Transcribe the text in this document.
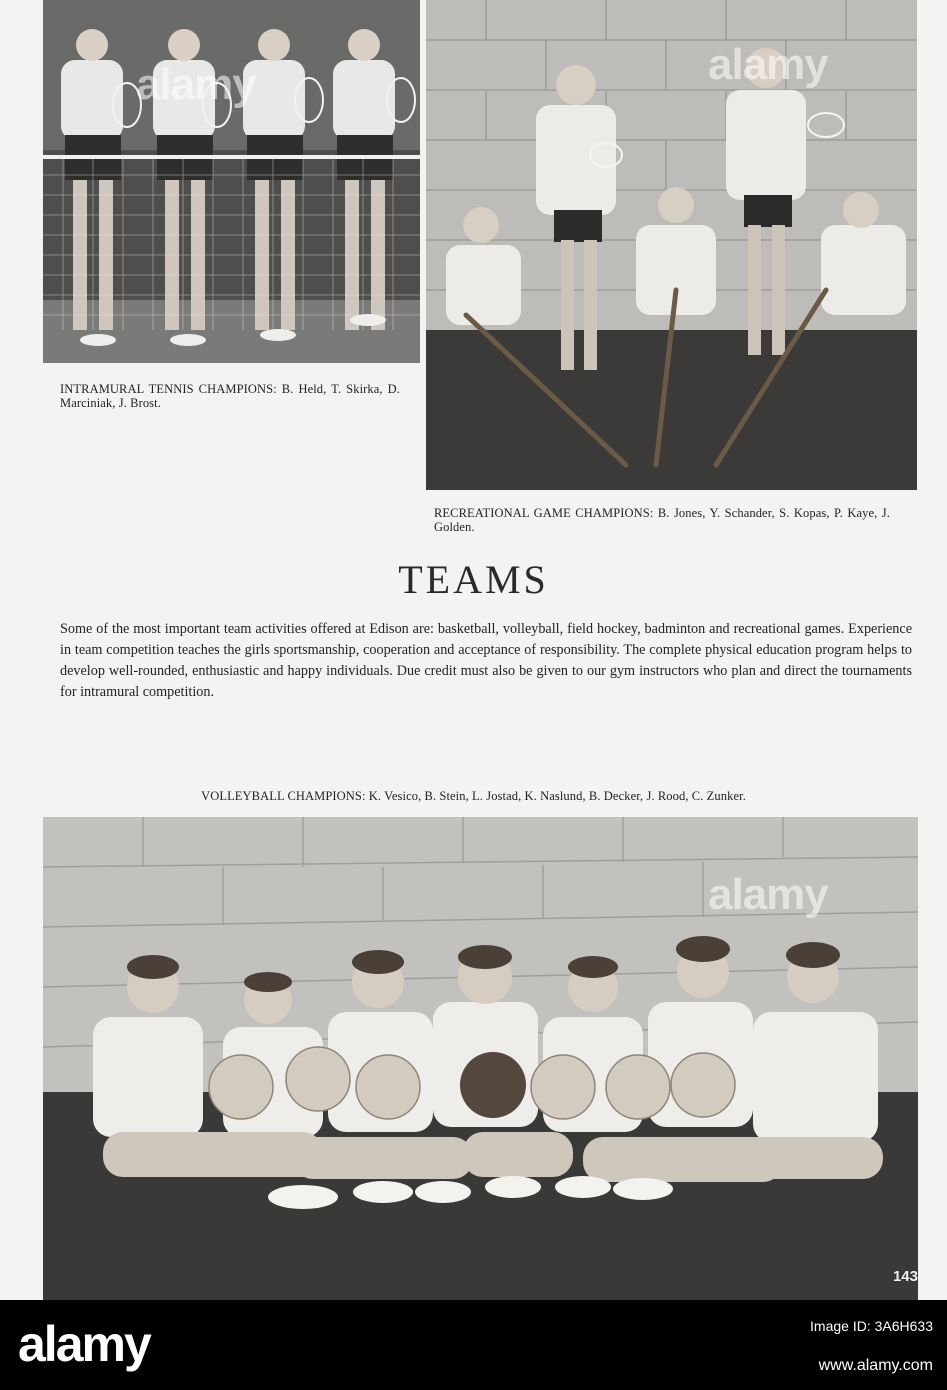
alamy	alamy
INTRAMURAL TENNIS CHAMPIONS: B. Held, T. Skirka, D. Marciniak, J. Brost.
RECREATIONAL GAME CHAMPIONS: B. Jones, Y. Schander, S. Kopas, P. Kaye, J. Golden.
TEAMS

Some of the most important team activities offered at Edison are: basketball, volleyball, field hockey, badminton and recreational games. Experience in team competition teaches the girls sportsmanship, cooperation and acceptance of responsibility. The complete physical education program helps to develop well-rounded, enthusiastic and happy individuals. Due credit must also be given to our gym instructors who plan and direct the tournaments for intramural competition.

VOLLEYBALL CHAMPIONS: K. Vesico, B. Stein, L. Jostad, K. Naslund, B. Decker, J. Rood, C. Zunker.
alamy
143
alamy	Image ID: 3A6H633
www.alamy.com
